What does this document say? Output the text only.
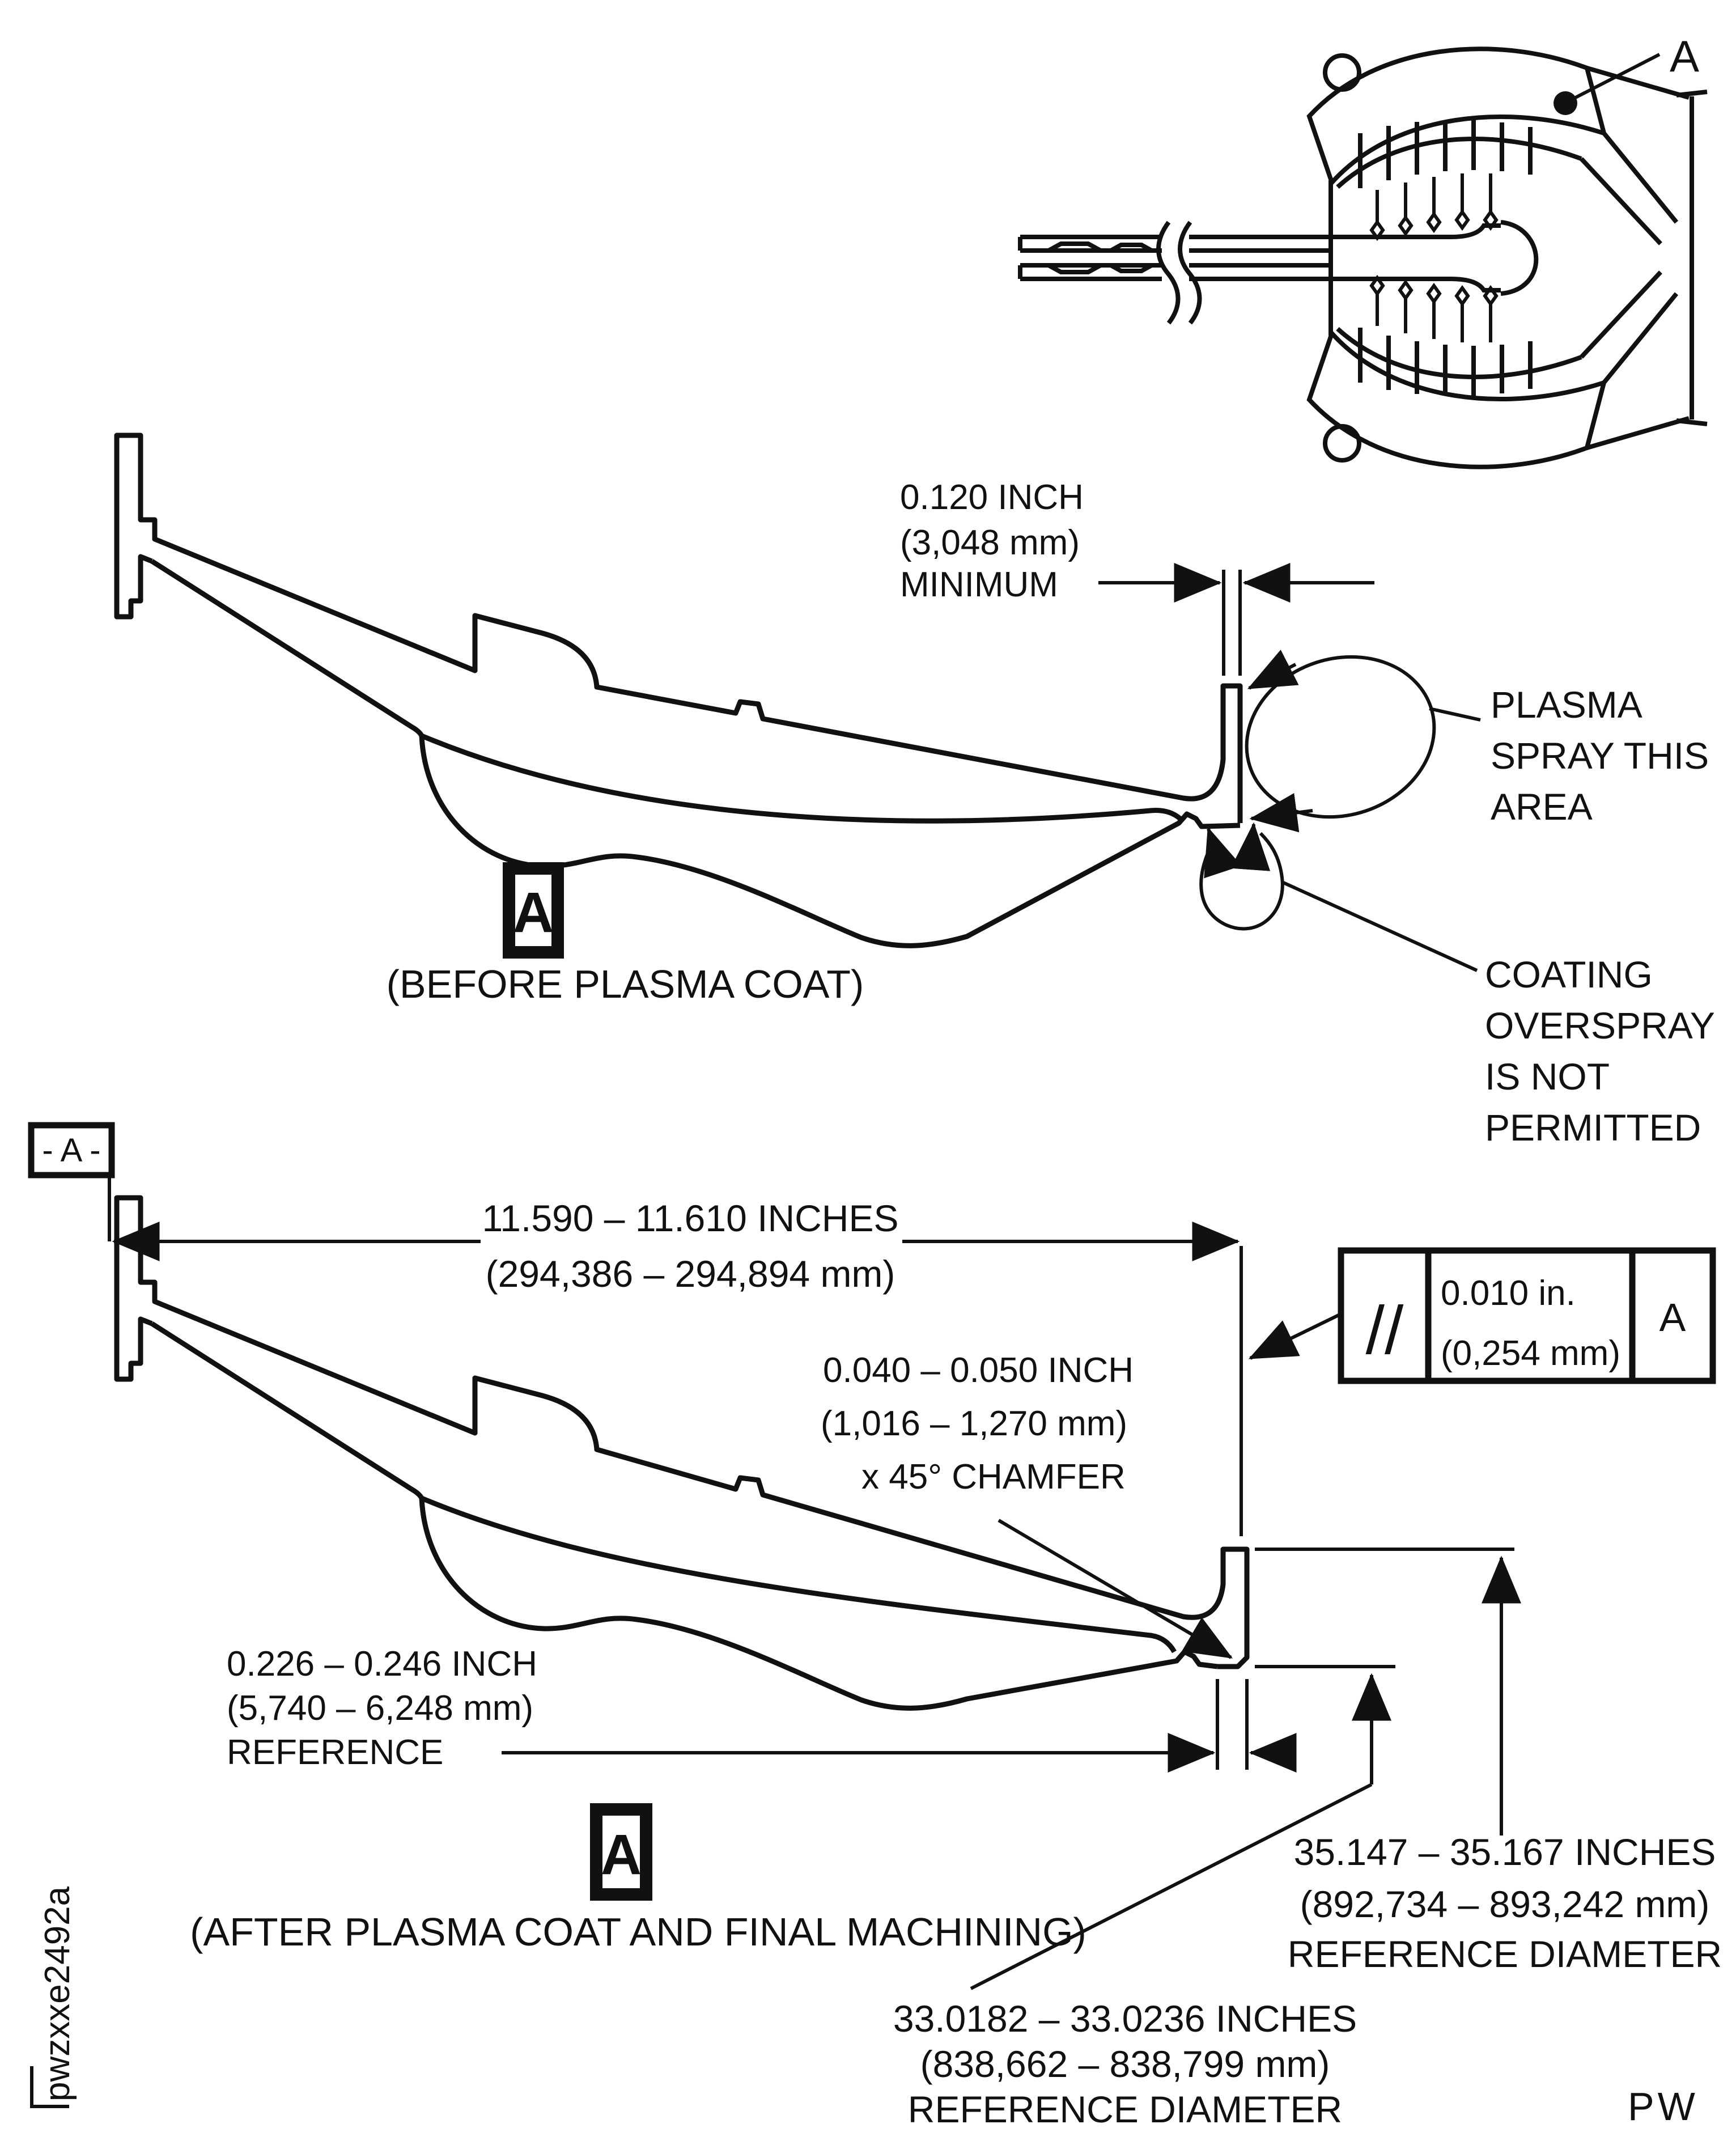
A
0.120 INCH
(3,048 mm)
MINIMUM
PLASMA
SPRAY THIS
AREA
COATING
OVERSPRAY
IS NOT
PERMITTED
A
(BEFORE PLASMA COAT)
- A -
11.590 – 11.610 INCHES
(294,386 – 294,894 mm)
// 0.010 in.
(0,254 mm)
A
0.040 – 0.050 INCH
(1,016 – 1,270 mm)
x 45° CHAMFER
0.226 – 0.246 INCH
(5,740 – 6,248 mm)
REFERENCE
35.147 – 35.167 INCHES
(892,734 – 893,242 mm)
REFERENCE DIAMETER
33.0182 – 33.0236 INCHES
(838,662 – 838,799 mm)
REFERENCE DIAMETER
A
(AFTER PLASMA COAT AND FINAL MACHINING)
pwzxxe2492a
PW
